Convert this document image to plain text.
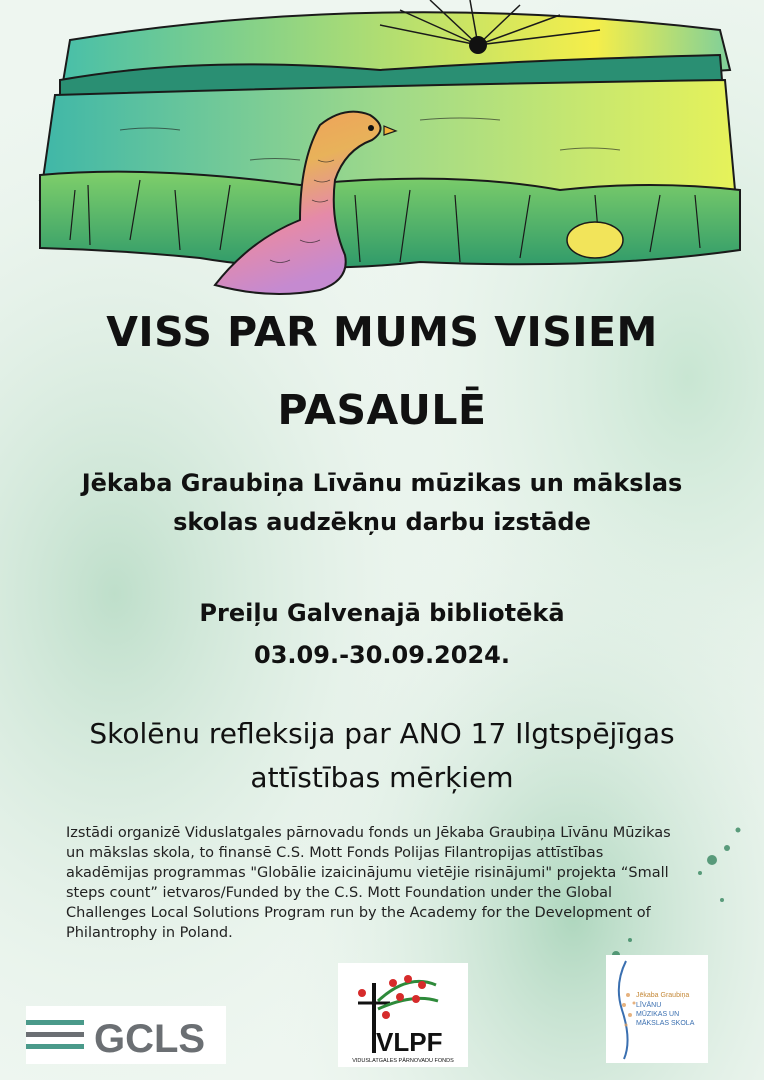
VISS PAR MUMS VISIEM
PASAULĒ
Jēkaba Graubiņa Līvānu mūzikas un mākslas
skolas audzēkņu darbu izstāde
Preiļu Galvenajā bibliotēkā
03.09.-30.09.2024.
Skolēnu refleksija par ANO 17 Ilgtspējīgas
attīstības mērķiem
Izstādi organizē Viduslatgales pārnovadu fonds un Jēkaba Graubiņa Līvānu Mūzikas
un mākslas skola, to finansē C.S. Mott Fonds Polijas Filantropijas attīstības
akadēmijas programmas "Globālie izaicinājumu vietējie risinājumi" projekta “Small
steps count” ietvaros/Funded by the C.S. Mott Foundation under the Global
Challenges Local Solutions Program run by the Academy for the Development of
Philantrophy in Poland.
GCLS	VLPF
VIDUSLATGALES PĀRNOVADU FONDS
Jēkaba Graubiņa
LĪVĀNU
MŪZIKAS UN
MĀKSLAS SKOLA
